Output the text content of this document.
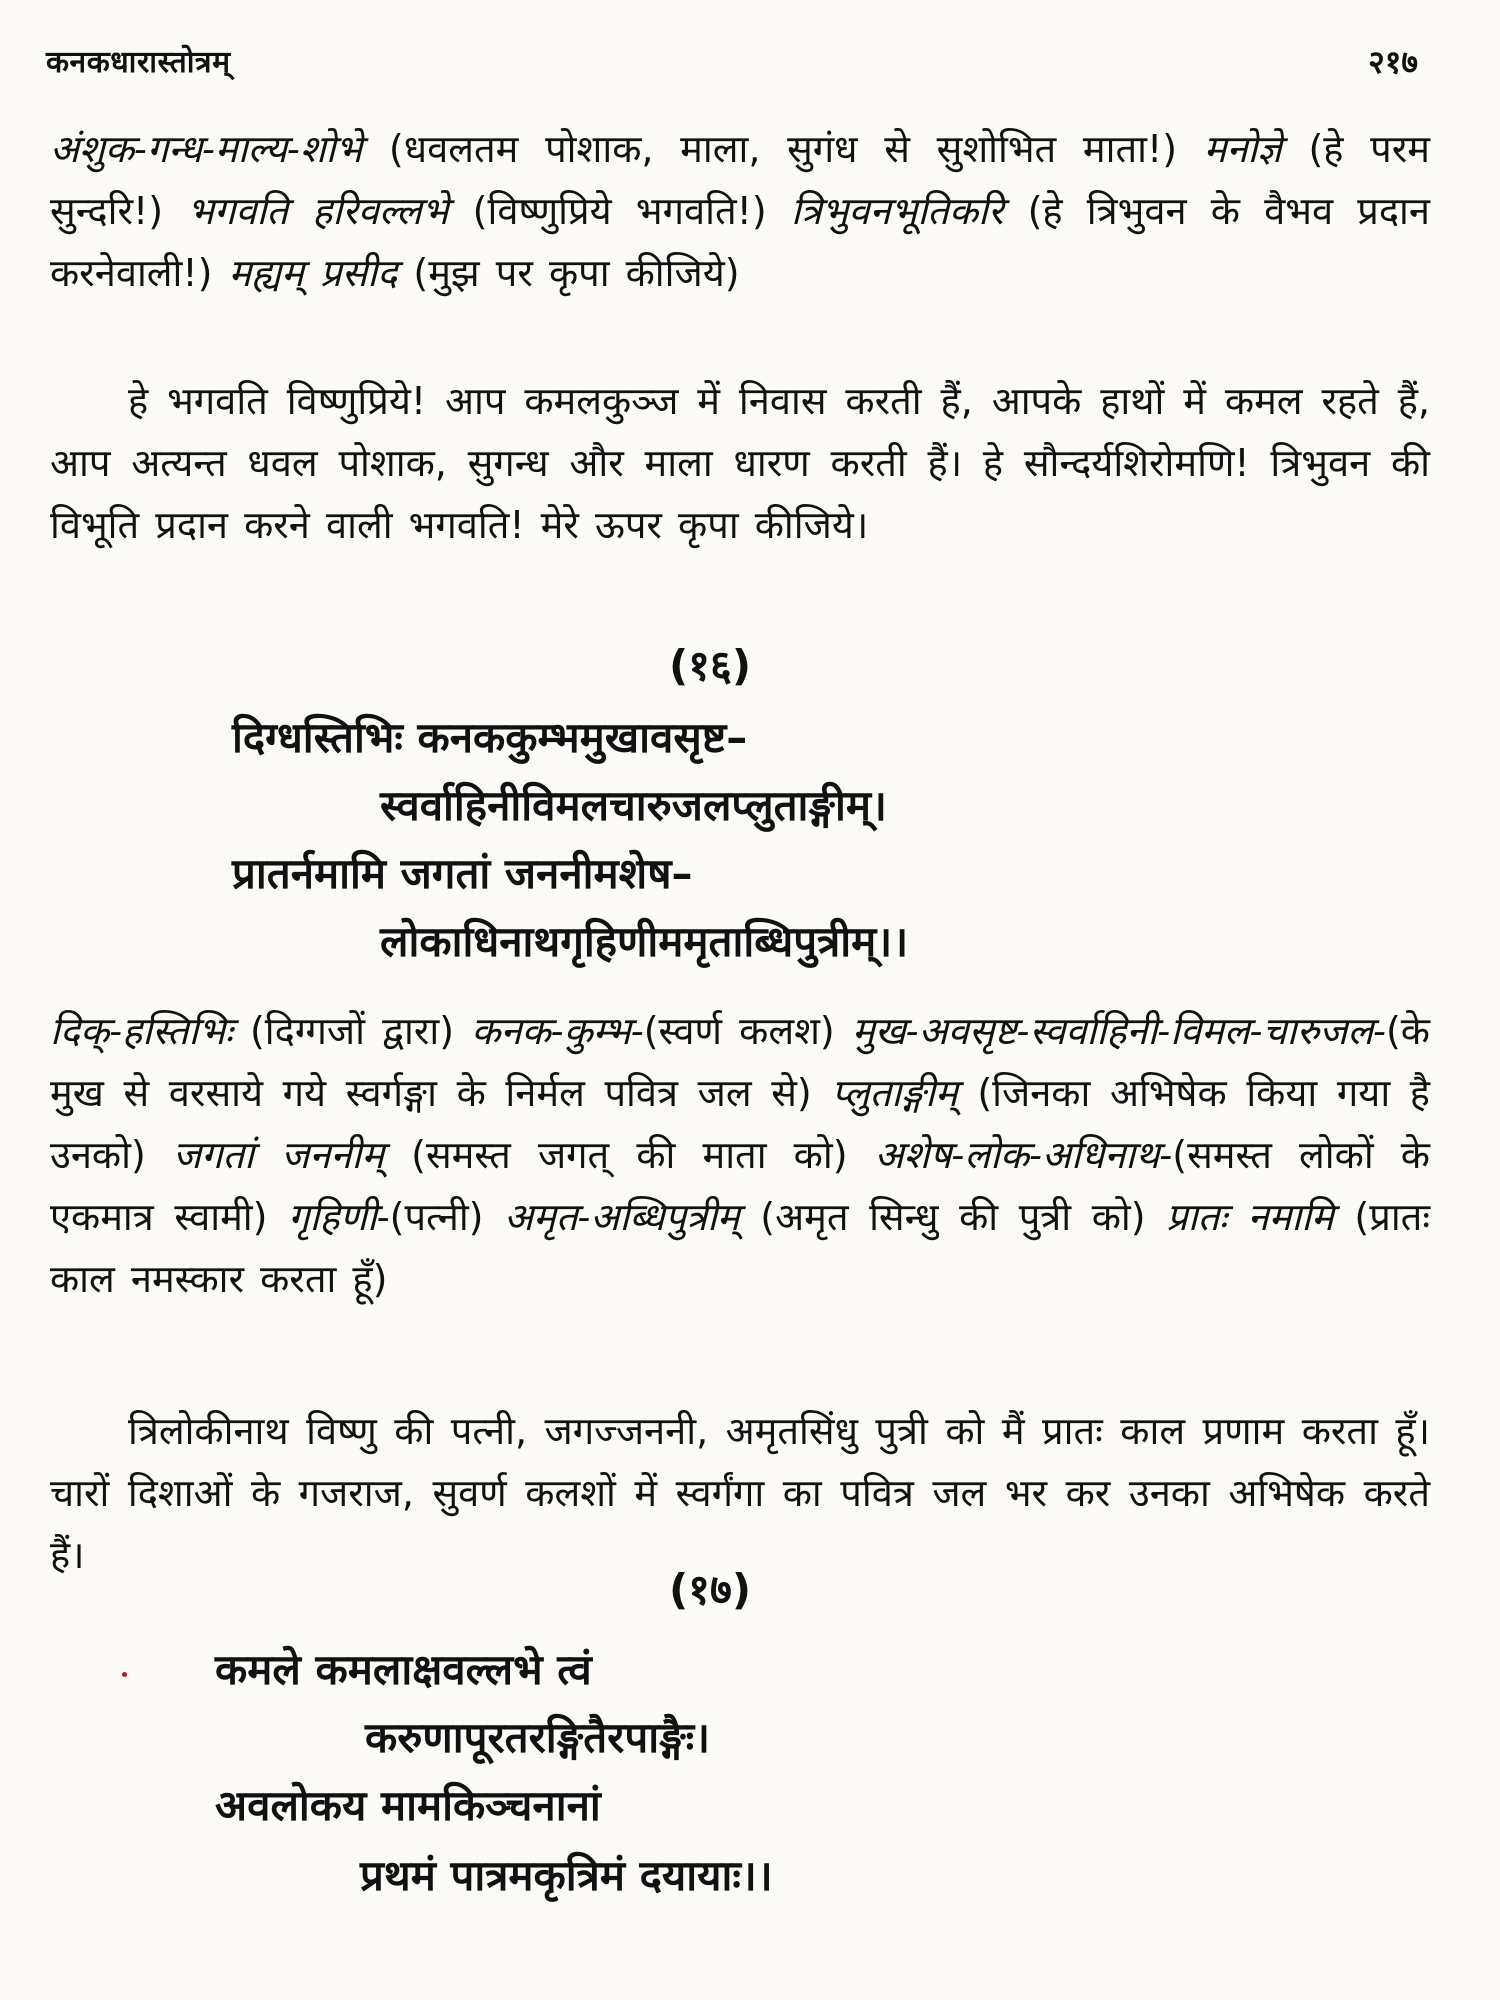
कनकधारास्तोत्रम्	२१७
अंशुक-गन्ध-माल्य-शोभे (धवलतम पोशाक, माला, सुगंध से सुशोभित माता!) मनोज्ञे (हे परम सुन्दरि!) भगवति हरिवल्लभे (विष्णुप्रिये भगवति!) त्रिभुवनभूतिकरि (हे त्रिभुवन के वैभव प्रदान करनेवाली!) मह्यम् प्रसीद (मुझ पर कृपा कीजिये)
हे भगवति विष्णुप्रिये! आप कमलकुञ्ज में निवास करती हैं, आपके हाथों में कमल रहते हैं, आप अत्यन्त धवल पोशाक, सुगन्ध और माला धारण करती हैं। हे सौन्दर्यशिरोमणि! त्रिभुवन की विभूति प्रदान करने वाली भगवति! मेरे ऊपर कृपा कीजिये।
(१६)
दिग्धस्तिभिः कनककुम्भमुखावसृष्ट–
स्वर्वाहिनीविमलचारुजलप्लुताङ्गीम्।
प्रातर्नमामि जगतां जननीमशेष–
लोकाधिनाथगृहिणीममृताब्धिपुत्रीम्।।
दिक्-हस्तिभिः (दिग्गजों द्वारा) कनक-कुम्भ-(स्वर्ण कलश) मुख-अवसृष्ट-स्वर्वाहिनी-विमल-चारुजल-(के मुख से वरसाये गये स्वर्गङ्गा के निर्मल पवित्र जल से) प्लुताङ्गीम् (जिनका अभिषेक किया गया है उनको) जगतां जननीम् (समस्त जगत् की माता को) अशेष-लोक-अधिनाथ-(समस्त लोकों के एकमात्र स्वामी) गृहिणी-(पत्नी) अमृत-अब्धिपुत्रीम् (अमृत सिन्धु की पुत्री को) प्रातः नमामि (प्रातः काल नमस्कार करता हूँ)
त्रिलोकीनाथ विष्णु की पत्नी, जगज्जननी, अमृतसिंधु पुत्री को मैं प्रातः काल प्रणाम करता हूँ। चारों दिशाओं के गजराज, सुवर्ण कलशों में स्वर्गंगा का पवित्र जल भर कर उनका अभिषेक करते हैं।
(१७)
कमले कमलाक्षवल्लभे त्वं
करुणापूरतरङ्गितैरपाङ्गैः।
अवलोकय मामकिञ्चनानां
प्रथमं पात्रमकृत्रिमं दयायाः।।
